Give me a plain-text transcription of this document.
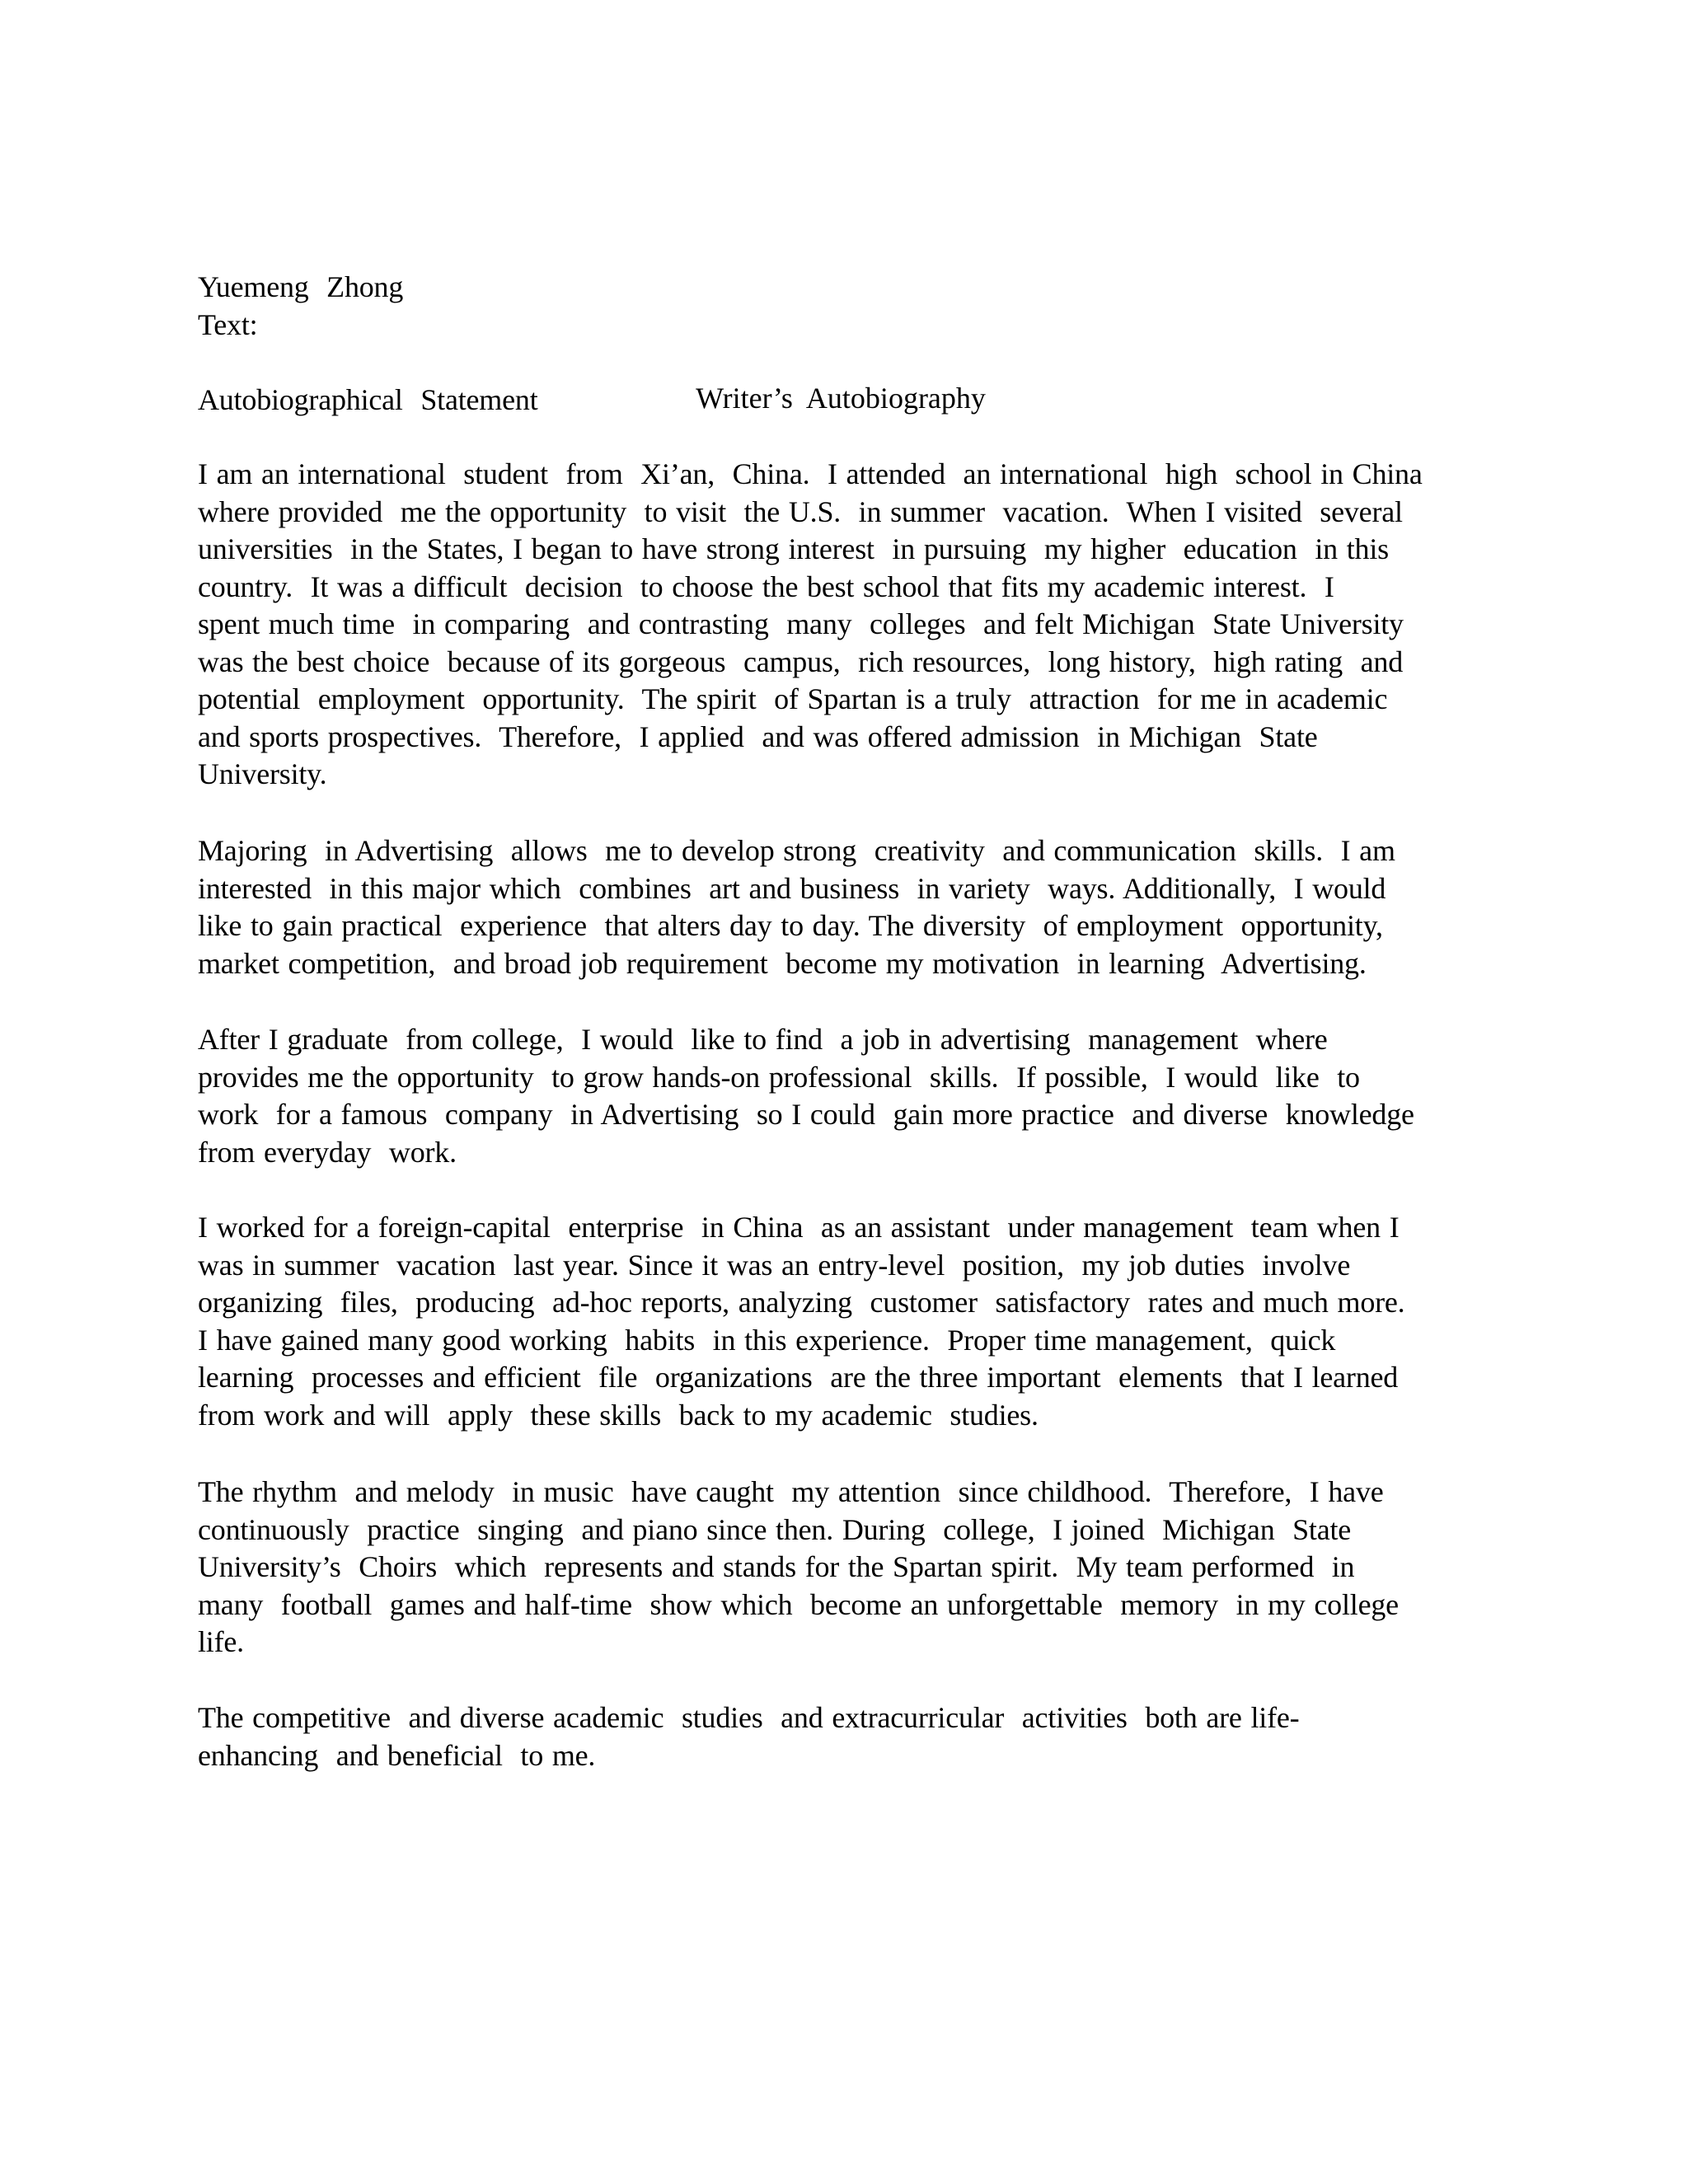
Yuemeng  Zhong

Autobiographical  Statement

Text:
Writer’s  Autobiography
I am an international  student  from  Xi’an,  China.  I attended  an international  high  school in China
where provided  me the opportunity  to visit  the U.S.  in summer  vacation.  When I visited  several
universities  in the States, I began to have strong interest  in pursuing  my higher  education  in this
country.  It was a difficult  decision  to choose the best school that fits my academic interest.  I
spent much time  in comparing  and contrasting  many  colleges  and felt Michigan  State University
was the best choice  because of its gorgeous  campus,  rich resources,  long history,  high rating  and
potential  employment  opportunity.  The spirit  of Spartan is a truly  attraction  for me in academic
and sports prospectives.  Therefore,  I applied  and was offered admission  in Michigan  State
University.
Majoring  in Advertising  allows  me to develop strong  creativity  and communication  skills.  I am
interested  in this major which  combines  art and business  in variety  ways. Additionally,  I would
like to gain practical  experience  that alters day to day. The diversity  of employment  opportunity,
market competition,  and broad job requirement  become my motivation  in learning  Advertising.
After I graduate  from college,  I would  like to find  a job in advertising  management  where
provides me the opportunity  to grow hands-on professional  skills.  If possible,  I would  like  to
work  for a famous  company  in Advertising  so I could  gain more practice  and diverse  knowledge
from everyday  work.
I worked for a foreign-capital  enterprise  in China  as an assistant  under management  team when I
was in summer  vacation  last year. Since it was an entry-level  position,  my job duties  involve
organizing  files,  producing  ad-hoc reports, analyzing  customer  satisfactory  rates and much more.
I have gained many good working  habits  in this experience.  Proper time management,  quick
learning  processes and efficient  file  organizations  are the three important  elements  that I learned
from work and will  apply  these skills  back to my academic  studies.
The rhythm  and melody  in music  have caught  my attention  since childhood.  Therefore,  I have
continuously  practice  singing  and piano since then. During  college,  I joined  Michigan  State
University’s  Choirs  which  represents and stands for the Spartan spirit.  My team performed  in
many  football  games and half-time  show which  become an unforgettable  memory  in my college
life.
The competitive  and diverse academic  studies  and extracurricular  activities  both are life-
enhancing  and beneficial  to me.
